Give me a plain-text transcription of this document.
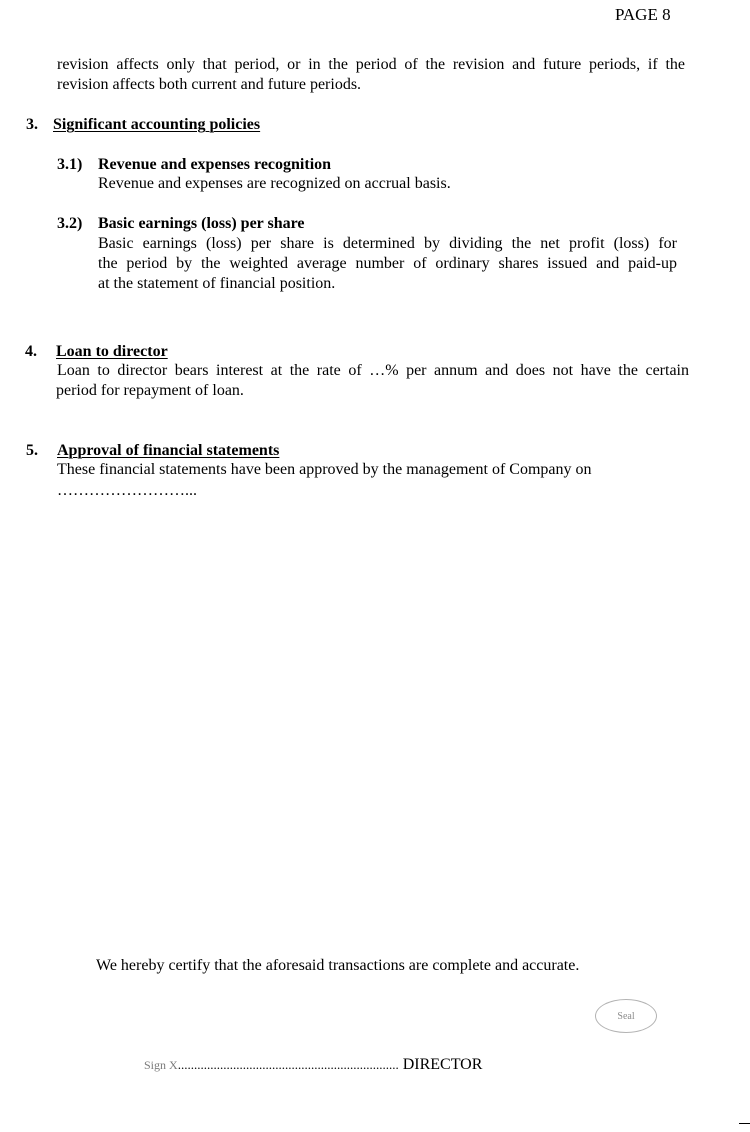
PAGE 8
revision affects only that period, or in the period of the revision and future periods, if the
revision affects both current and future periods.
3. Significant accounting policies
3.1) Revenue and expenses recognition
Revenue and expenses are recognized on accrual basis.
3.2) Basic earnings (loss) per share
Basic earnings (loss) per share is determined by dividing the net profit (loss) for
the period by the weighted average number of ordinary shares issued and paid-up
at the statement of financial position.
4. Loan to director
Loan to director bears interest at the rate of …% per annum and does not have the certain
period for repayment of loan.
5. Approval of financial statements
These financial statements have been approved by the management of Company on
……………………...
We hereby certify that the aforesaid transactions are complete and accurate.
Seal
Sign X.................................................................... DIRECTOR
